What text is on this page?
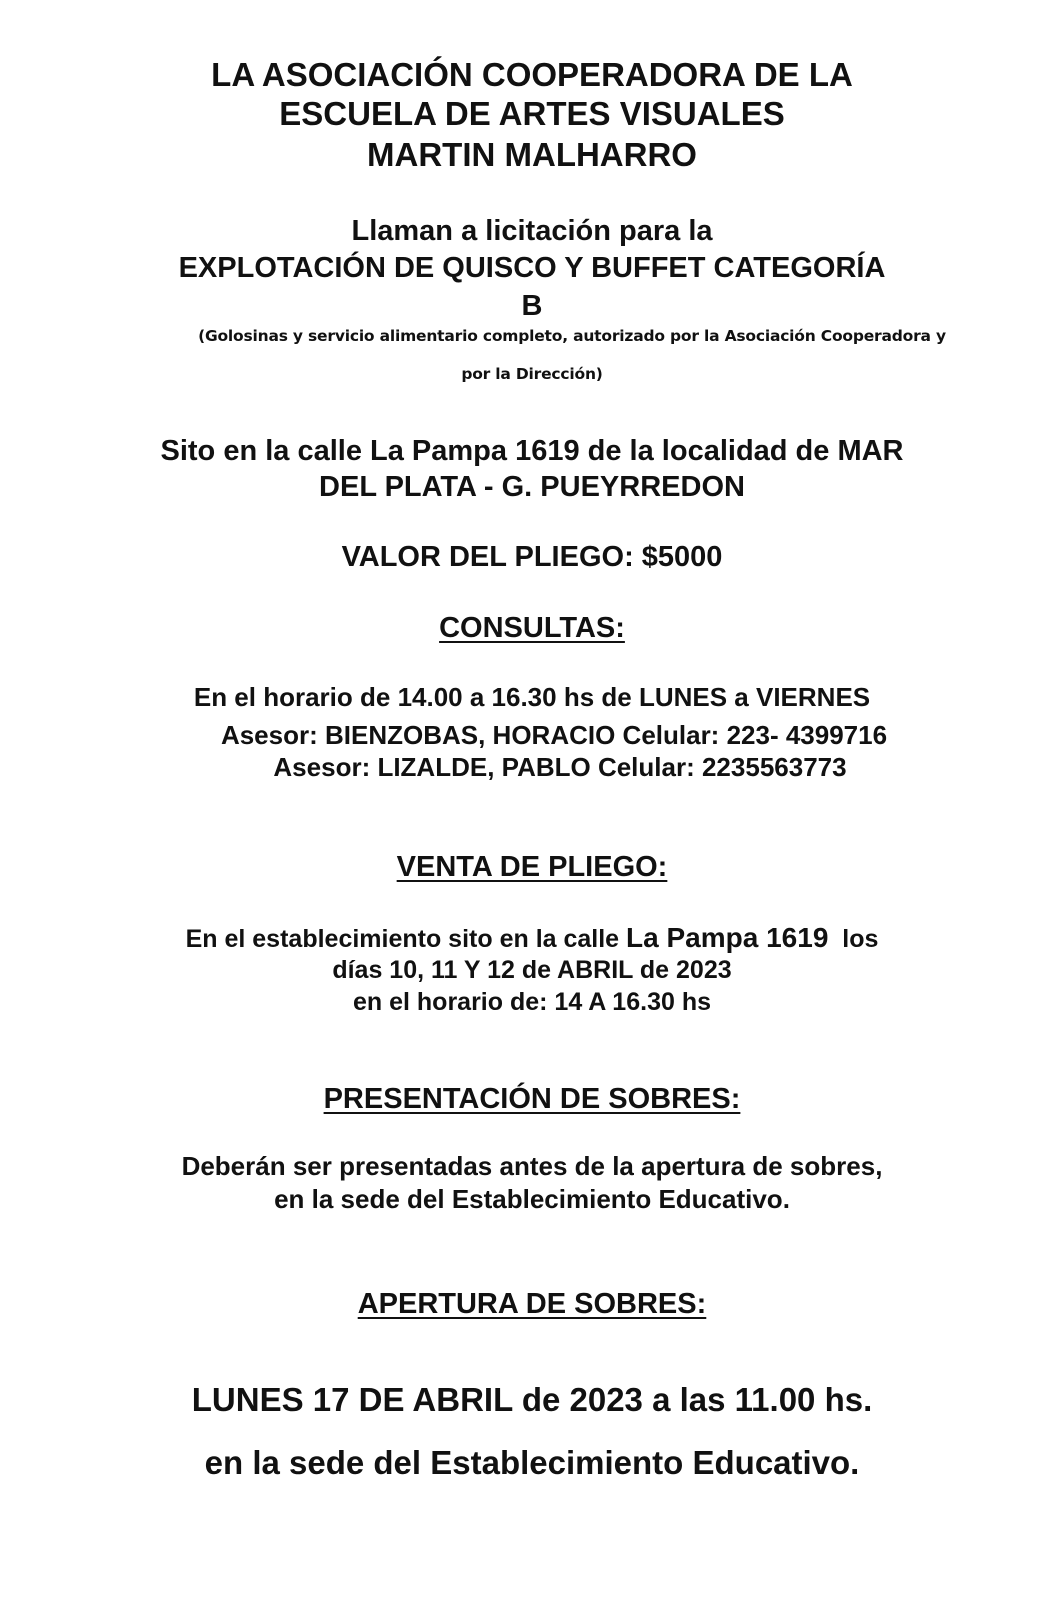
LA ASOCIACIÓN COOPERADORA DE LA
ESCUELA DE ARTES VISUALES
MARTIN MALHARRO
Llaman a licitación para la
EXPLOTACIÓN DE QUISCO Y BUFFET CATEGORÍA
B
(Golosinas y servicio alimentario completo, autorizado por la Asociación Cooperadora y
por la Dirección)
Sito en la calle La Pampa 1619 de la localidad de MAR
DEL PLATA - G. PUEYRREDON
VALOR DEL PLIEGO: $5000
CONSULTAS:
En el horario de 14.00 a 16.30 hs de LUNES a VIERNES
Asesor: BIENZOBAS, HORACIO Celular: 223- 4399716
Asesor: LIZALDE, PABLO Celular: 2235563773
VENTA DE PLIEGO:
En el establecimiento sito en la calle La Pampa 1619  los
días 10, 11 Y 12 de ABRIL de 2023
en el horario de: 14 A 16.30 hs
PRESENTACIÓN DE SOBRES:
Deberán ser presentadas antes de la apertura de sobres,
en la sede del Establecimiento Educativo.
APERTURA DE SOBRES:
LUNES 17 DE ABRIL de 2023 a las 11.00 hs.
en la sede del Establecimiento Educativo.
